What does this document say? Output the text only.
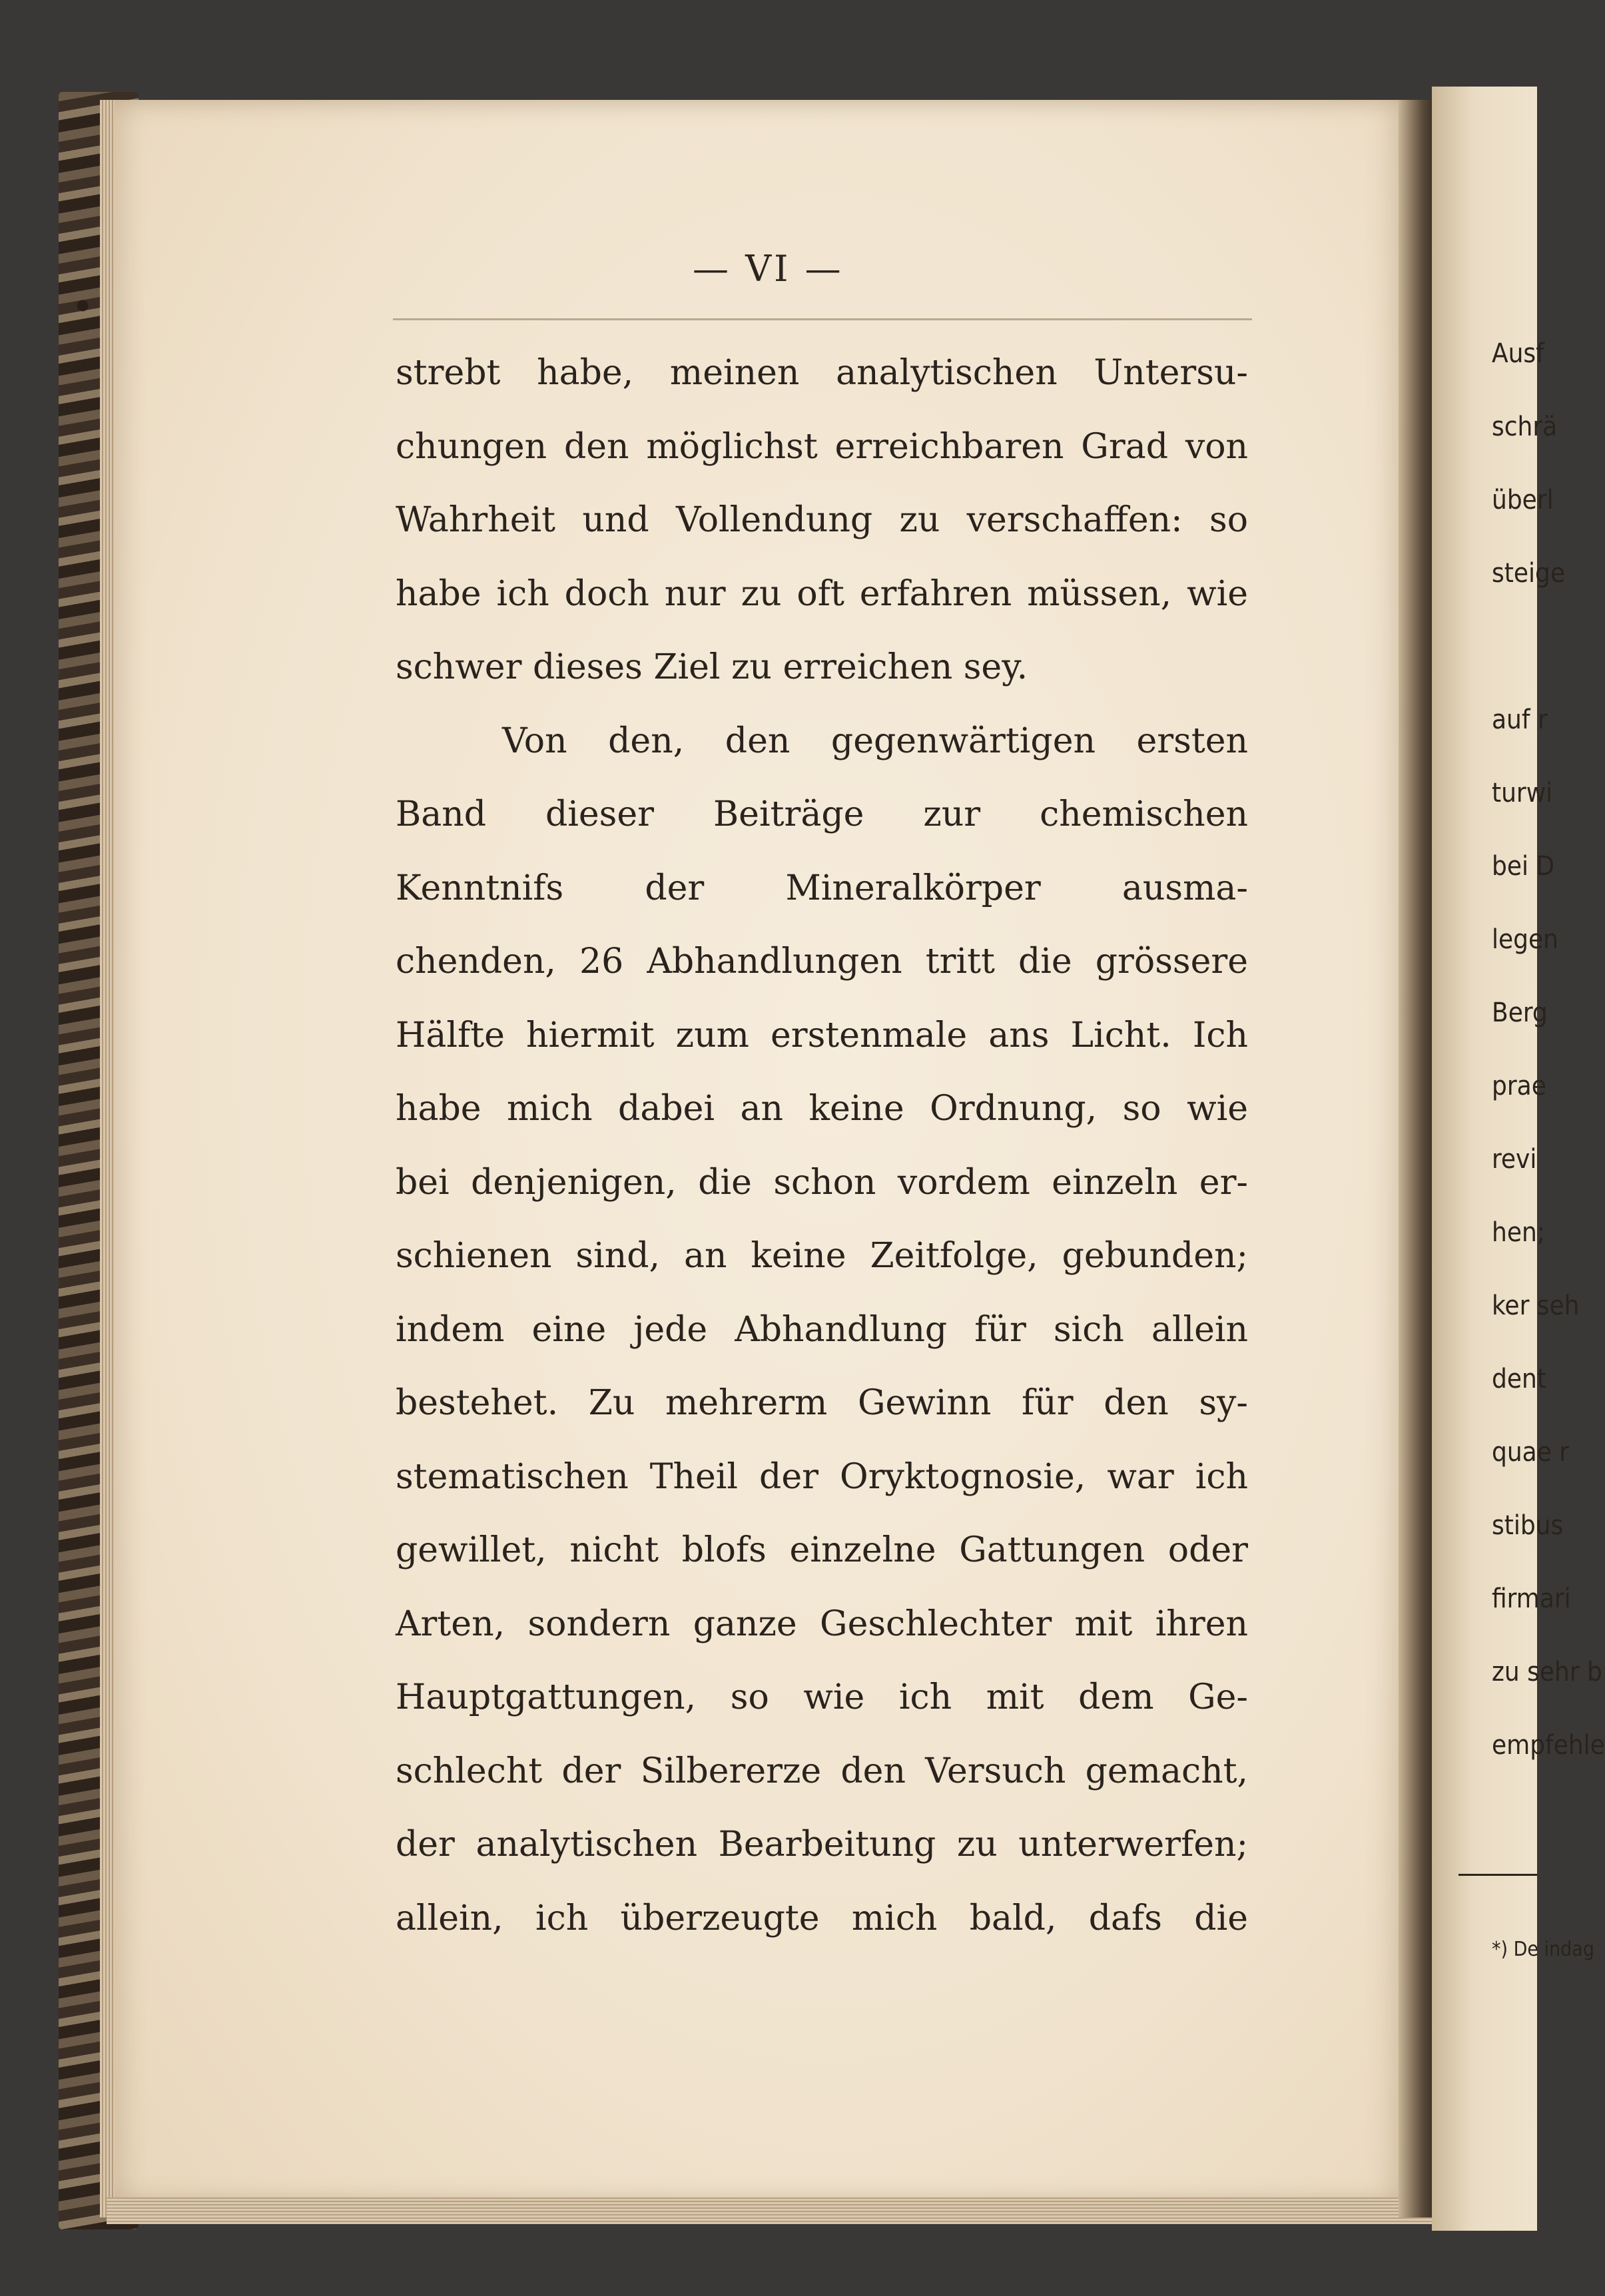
— VI —
strebt habe, meinen analytischen Untersu-
chungen den möglichst erreichbaren Grad von
Wahrheit und Vollendung zu verschaffen: so
habe ich doch nur zu oft erfahren müssen, wie
schwer dieses Ziel zu erreichen sey.
Von den, den gegenwärtigen ersten
Band dieser Beiträge zur chemischen
Kenntnifs der Mineralkörper ausma-
chenden, 26 Abhandlungen tritt die grössere
Hälfte hiermit zum erstenmale ans Licht. Ich
habe mich dabei an keine Ordnung, so wie
bei denjenigen, die schon vordem einzeln er-
schienen sind, an keine Zeitfolge, gebunden;
indem eine jede Abhandlung für sich allein
bestehet. Zu mehrerm Gewinn für den sy-
stematischen Theil der Oryktognosie, war ich
gewillet, nicht blofs einzelne Gattungen oder
Arten, sondern ganze Geschlechter mit ihren
Hauptgattungen, so wie ich mit dem Ge-
schlecht der Silbererze den Versuch gemacht,
der analytischen Bearbeitung zu unterwerfen;
allein, ich überzeugte mich bald, dafs die
Ausf
schrä
überl
steige
auf r
turwi
bei D
legen
Berg
prae
revi
hen;
ker seh
dent
quae r
stibus
firmari
zu sehr b
empfehle
*) De indag
